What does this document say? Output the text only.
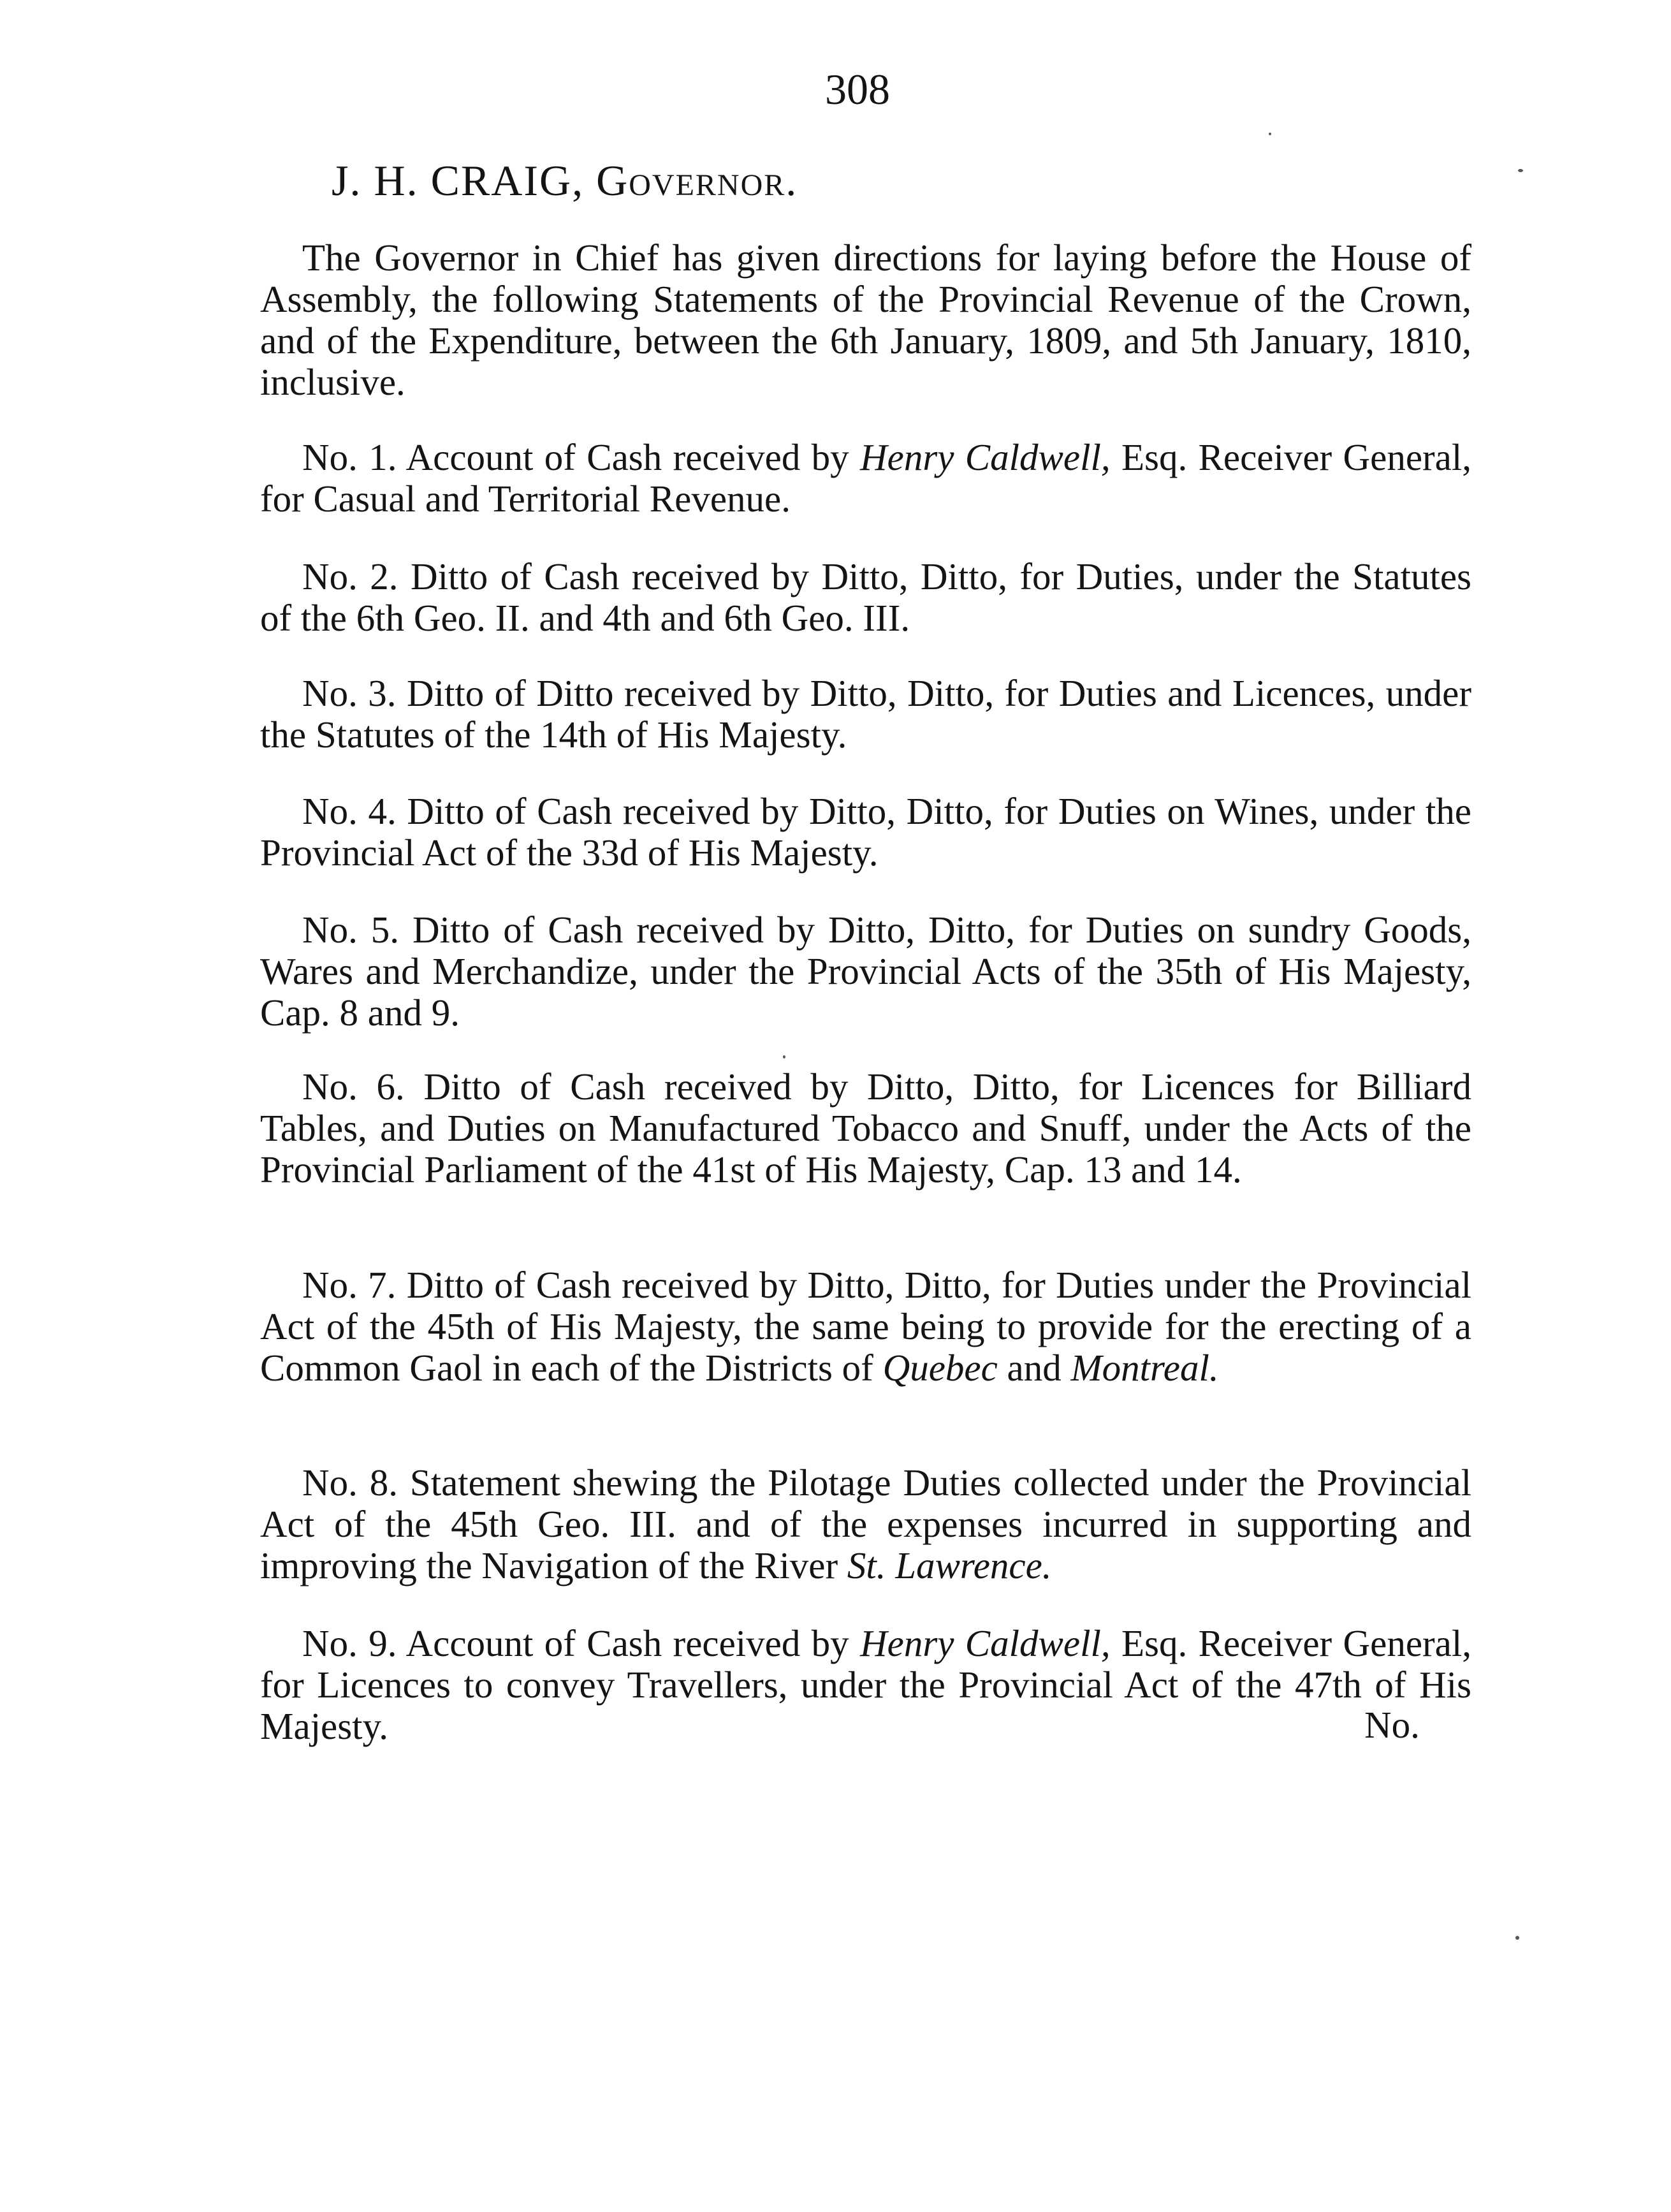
308
J. H. CRAIG, Governor.

The Governor in Chief has given directions for laying before the House of Assembly, the following Statements of the Provincial Revenue of the Crown, and of the Expenditure, between the 6th January, 1809, and 5th January, 1810, inclusive.

No. 1. Account of Cash received by Henry Caldwell, Esq. Receiver General, for Casual and Territorial Revenue.

No. 2. Ditto of Cash received by Ditto, Ditto, for Duties, under the Statutes of the 6th Geo. II. and 4th and 6th Geo. III.

No. 3. Ditto of Ditto received by Ditto, Ditto, for Duties and Licences, under the Statutes of the 14th of His Majesty.

No. 4. Ditto of Cash received by Ditto, Ditto, for Duties on Wines, under the Provincial Act of the 33d of His Majesty.

No. 5. Ditto of Cash received by Ditto, Ditto, for Duties on sundry Goods, Wares and Merchandize, under the Provincial Acts of the 35th of His Majesty, Cap. 8 and 9.

No. 6. Ditto of Cash received by Ditto, Ditto, for Licences for Billiard Tables, and Duties on Manufactured Tobacco and Snuff, under the Acts of the Provincial Parliament of the 41st of His Majesty, Cap. 13 and 14.

No. 7. Ditto of Cash received by Ditto, Ditto, for Duties under the Provincial Act of the 45th of His Majesty, the same being to provide for the erecting of a Common Gaol in each of the Districts of Quebec and Montreal.

No. 8. Statement shewing the Pilotage Duties collected under the Provincial Act of the 45th Geo. III. and of the expenses incurred in supporting and improving the Navigation of the River St. Lawrence.

No. 9. Account of Cash received by Henry Caldwell, Esq. Receiver General, for Licences to convey Travellers, under the Provincial Act of the 47th of His Majesty.	No.
